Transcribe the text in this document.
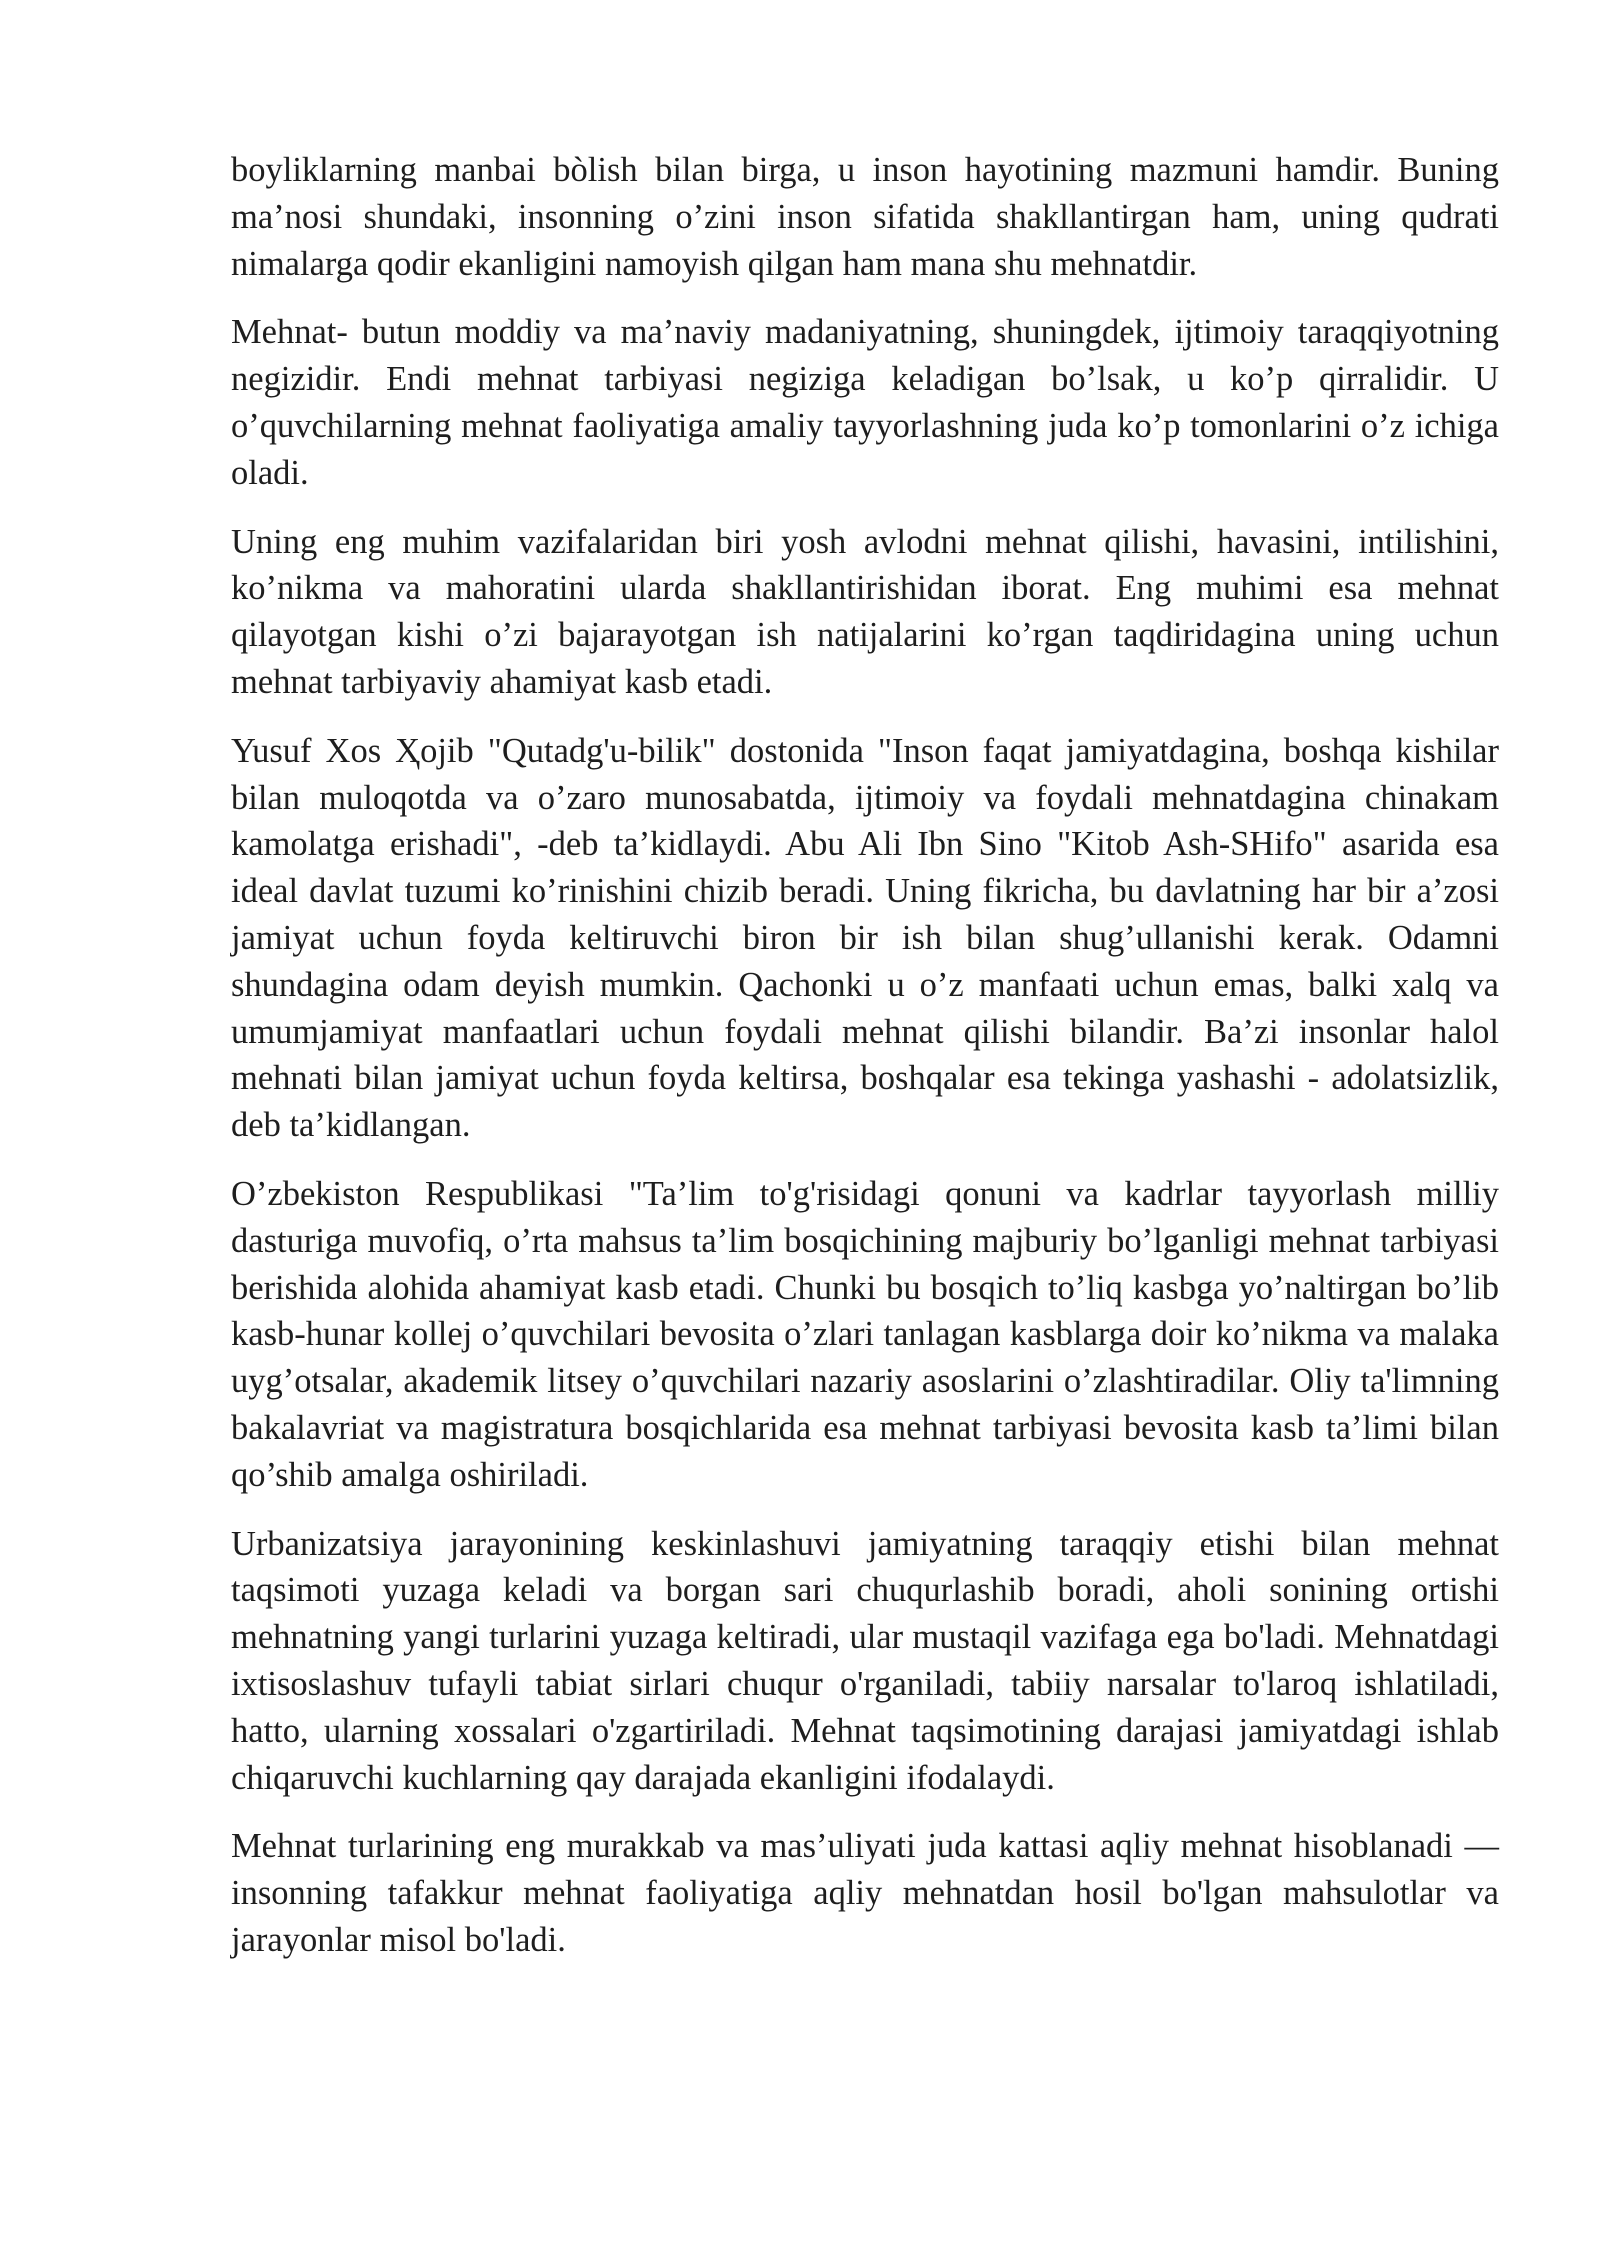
boyliklarning manbai bòlish bilan birga, u inson hayotining mazmuni hamdir. Buning ma’nosi shundaki, insonning o’zini inson sifatida shakllantirgan ham, uning qudrati nimalarga qodir ekanligini namoyish qilgan ham mana shu mehnatdir.

Mehnat- butun moddiy va ma’naviy madaniyatning, shuningdek, ijtimoiy taraqqiyotning negizidir. Endi mehnat tarbiyasi negiziga keladigan bo’lsak, u ko’p qirralidir. U o’quvchilarning mehnat faoliyatiga amaliy tayyorlashning juda ko’p tomonlarini o’z ichiga oladi.

Uning eng muhim vazifalaridan biri yosh avlodni mehnat qilishi, havasini, intilishini, ko’nikma va mahoratini ularda shakllantirishidan iborat. Eng muhimi esa mehnat qilayotgan kishi o’zi bajarayotgan ish natijalarini ko’rgan taqdiridagina uning uchun mehnat tarbiyaviy ahamiyat kasb etadi.

Yusuf Xos Ҳojib "Qutadg'u-bilik" dostonida "Inson faqat jamiyatdagina, boshqa kishilar bilan muloqotda va o’zaro munosabatda, ijtimoiy va foydali mehnatdagina chinakam kamolatga erishadi", -deb ta’kidlaydi. Abu Ali Ibn Sino "Kitob Ash-SHifo" asarida esa ideal davlat tuzumi ko’rinishini chizib beradi. Uning fikricha, bu davlatning har bir a’zosi jamiyat uchun foyda keltiruvchi biron bir ish bilan shug’ullanishi kerak. Odamni shundagina odam deyish mumkin. Qachonki u o’z manfaati uchun emas, balki xalq va umumjamiyat manfaatlari uchun foydali mehnat qilishi bilandir. Ba’zi insonlar halol mehnati bilan jamiyat uchun foyda keltirsa, boshqalar esa tekinga yashashi - adolatsizlik, deb ta’kidlangan.

O’zbekiston Respublikasi "Ta’lim to'g'risidagi qonuni va kadrlar tayyorlash milliy dasturiga muvofiq, o’rta mahsus ta’lim bosqichining majburiy bo’lganligi mehnat tarbiyasi berishida alohida ahamiyat kasb etadi. Chunki bu bosqich to’liq kasbga yo’naltirgan bo’lib kasb-hunar kollej o’quvchilari bevosita o’zlari tanlagan kasblarga doir ko’nikma va malaka uyg’otsalar, akademik litsey o’quvchilari nazariy asoslarini o’zlashtiradilar. Oliy ta'limning bakalavriat va magistratura bosqichlarida esa mehnat tarbiyasi bevosita kasb ta’limi bilan qo’shib amalga oshiriladi.

Urbanizatsiya jarayonining keskinlashuvi jamiyatning taraqqiy etishi bilan mehnat taqsimoti yuzaga keladi va borgan sari chuqurlashib boradi, aholi sonining ortishi mehnatning yangi turlarini yuzaga keltiradi, ular mustaqil vazifaga ega bo'ladi. Mehnatdagi ixtisoslashuv tufayli tabiat sirlari chuqur o'rganiladi, tabiiy narsalar to'laroq ishlatiladi, hatto, ularning xossalari o'zgartiriladi. Mehnat taqsimotining darajasi jamiyatdagi ishlab chiqaruvchi kuchlarning qay darajada ekanligini ifodalaydi.

Mehnat turlarining eng murakkab va mas’uliyati juda kattasi aqliy mehnat hisoblanadi — insonning tafakkur mehnat faoliyatiga aqliy mehnatdan hosil bo'lgan mahsulotlar va jarayonlar misol bo'ladi.
